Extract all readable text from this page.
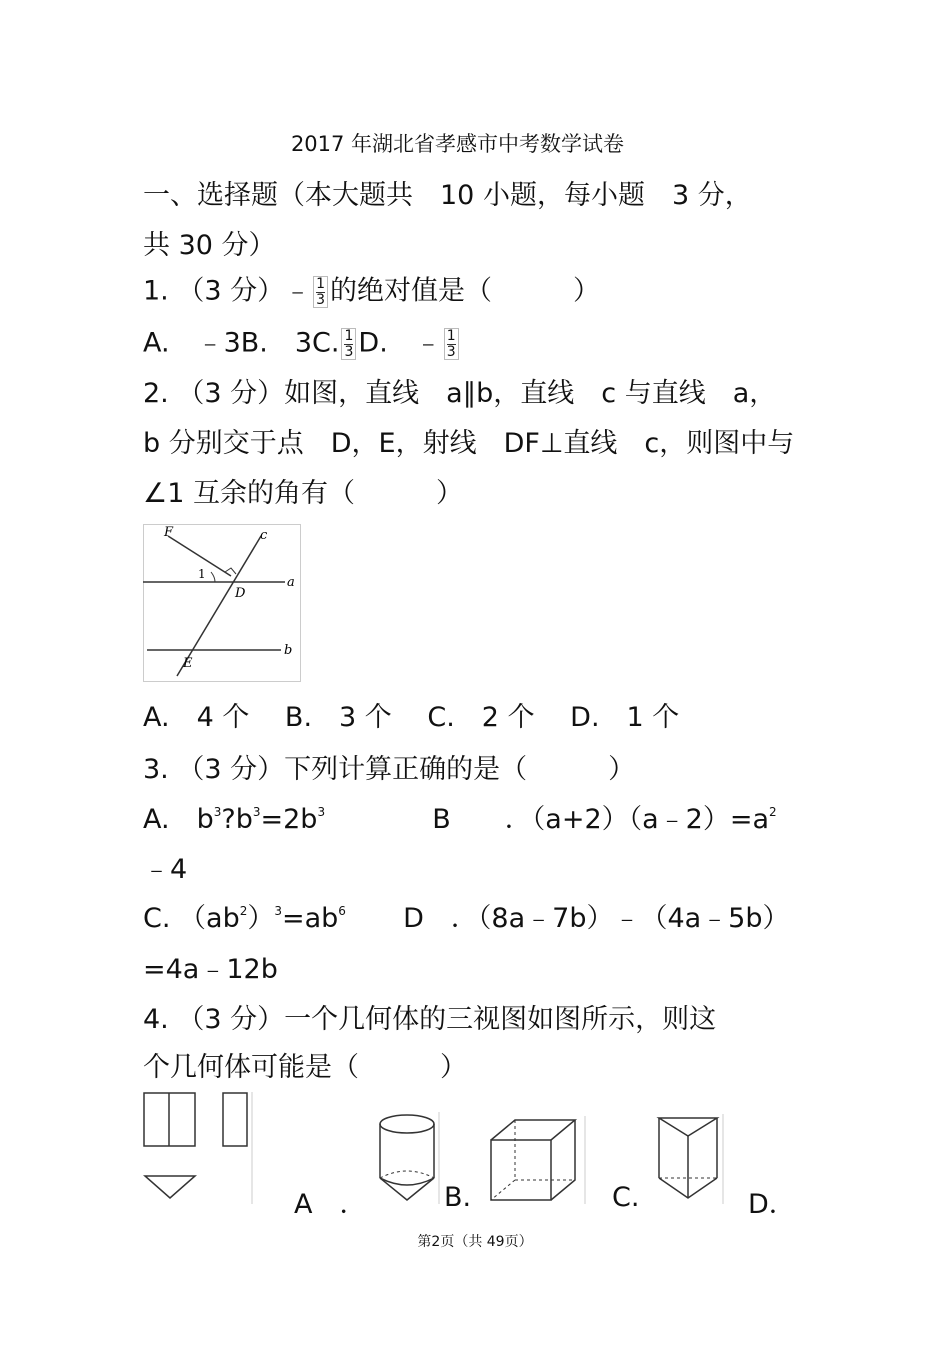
2017 年湖北省孝感市中考数学试卷
一、选择题（本大题共　10 小题，每小题　3 分，
共 30 分）
1. （3 分）﹣ $\frac{1}{3}$ 的绝对值是（　　　）
A.　﹣3B.　3C. $\frac{1}{3} D$.　﹣ $\frac{1}{3}$
2. （3 分）如图，直线　a∥b，直线　c 与直线　a，
b 分别交于点　D，E，射线　DF⊥直线　c，则图中与
∠1 互余的角有（　　　）
F	c
1
D
a
b
E
A.　4 个　 B.　3 个　 C.　2 个　 D.　1 个
3. （3 分）下列计算正确的是（　　　）
A.　$b^3?b^3=2b^3$	B　　．$(a+2)(a﹣2)=a^2$
﹣4
C. $(ab^2)^3=ab^6$ D　．（8a﹣7b）﹣（4a﹣5b）
=4a﹣12b
4. （3 分）一个几何体的三视图如图所示，则这
个几何体可能是（　　　）
A　．	B.	C.	D．
第2页（共 49页）
